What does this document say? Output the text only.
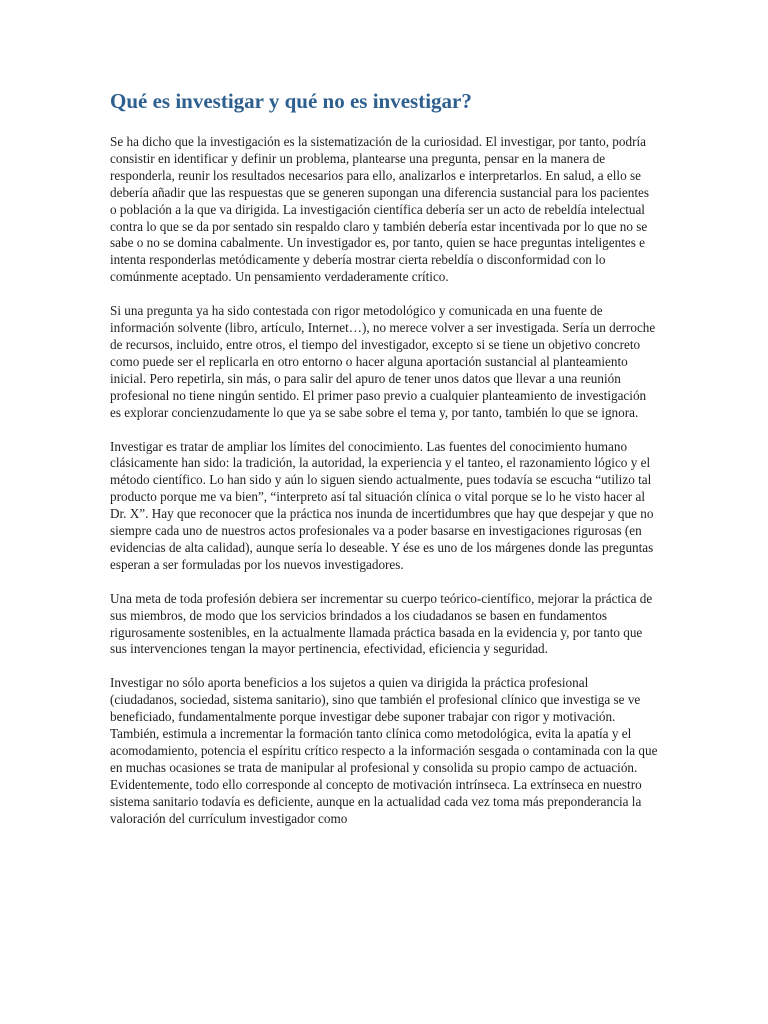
Qué es investigar y qué no es investigar?

Se ha dicho que la investigación es la sistematización de la curiosidad. El investigar, por tanto, podría consistir en identificar y definir un problema, plantearse una pregunta, pensar en la manera de responderla, reunir los resultados necesarios para ello, analizarlos e interpretarlos. En salud, a ello se debería añadir que las respuestas que se generen supongan una diferencia sustancial para los pacientes o población a la que va dirigida. La investigación científica debería ser un acto de rebeldía intelectual contra lo que se da por sentado sin respaldo claro y también debería estar incentivada por lo que no se sabe o no se domina cabalmente. Un investigador es, por tanto, quien se hace preguntas inteligentes e intenta responderlas metódicamente y debería mostrar cierta rebeldía o disconformidad con lo comúnmente aceptado. Un pensamiento verdaderamente crítico.

Si una pregunta ya ha sido contestada con rigor metodológico y comunicada en una fuente de información solvente (libro, artículo, Internet…), no merece volver a ser investigada. Sería un derroche de recursos, incluido, entre otros, el tiempo del investigador, excepto si se tiene un objetivo concreto como puede ser el replicarla en otro entorno o hacer alguna aportación sustancial al planteamiento inicial. Pero repetirla, sin más, o para salir del apuro de tener unos datos que llevar a una reunión profesional no tiene ningún sentido. El primer paso previo a cualquier planteamiento de investigación es explorar concienzudamente lo que ya se sabe sobre el tema y, por tanto, también lo que se ignora.

Investigar es tratar de ampliar los límites del conocimiento. Las fuentes del conocimiento humano clásicamente han sido: la tradición, la autoridad, la experiencia y el tanteo, el razonamiento lógico y el método científico. Lo han sido y aún lo siguen siendo actualmente, pues todavía se escucha “utilizo tal producto porque me va bien”, “interpreto así tal situación clínica o vital porque se lo he visto hacer al Dr. X”. Hay que reconocer que la práctica nos inunda de incertidumbres que hay que despejar y que no siempre cada uno de nuestros actos profesionales va a poder basarse en investigaciones rigurosas (en evidencias de alta calidad), aunque sería lo deseable. Y ése es uno de los márgenes donde las preguntas esperan a ser formuladas por los nuevos investigadores.

Una meta de toda profesión debiera ser incrementar su cuerpo teórico-científico, mejorar la práctica de sus miembros, de modo que los servicios brindados a los ciudadanos se basen en fundamentos rigurosamente sostenibles, en la actualmente llamada práctica basada en la evidencia y, por tanto que sus intervenciones tengan la mayor pertinencia, efectividad, eficiencia y seguridad.

Investigar no sólo aporta beneficios a los sujetos a quien va dirigida la práctica profesional (ciudadanos, sociedad, sistema sanitario), sino que también el profesional clínico que investiga se ve beneficiado, fundamentalmente porque investigar debe suponer trabajar con rigor y motivación. También, estimula a incrementar la formación tanto clínica como metodológica, evita la apatía y el acomodamiento, potencia el espíritu crítico respecto a la información sesgada o contaminada con la que en muchas ocasiones se trata de manipular al profesional y consolida su propio campo de actuación. Evidentemente, todo ello corresponde al concepto de motivación intrínseca. La extrínseca en nuestro sistema sanitario todavía es deficiente, aunque en la actualidad cada vez toma más preponderancia la valoración del currículum investigador como
